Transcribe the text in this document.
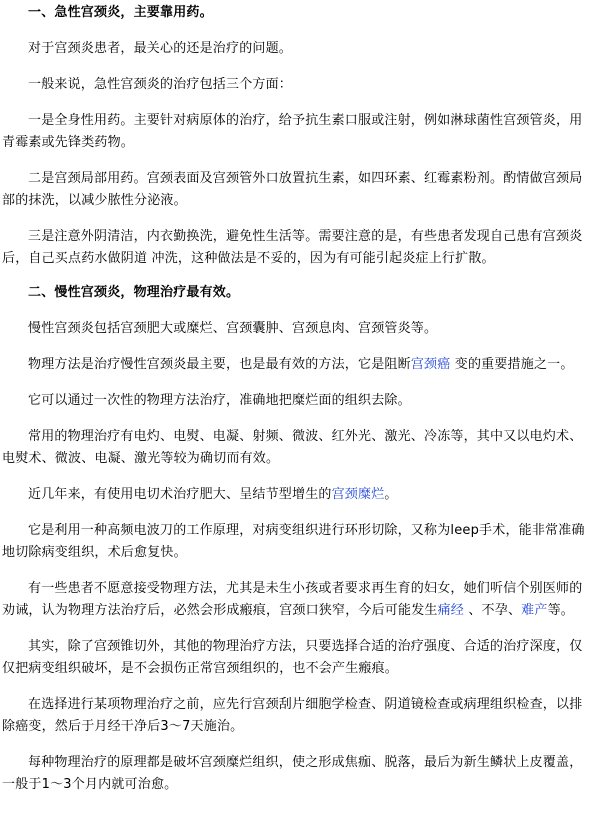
一、急性宫颈炎，主要靠用药。

对于宫颈炎患者，最关心的还是治疗的问题。

一般来说，急性宫颈炎的治疗包括三个方面：

一是全身性用药。主要针对病原体的治疗，给予抗生素口服或注射，例如淋球菌性宫颈管炎，用青霉素或先锋类药物。

二是宫颈局部用药。宫颈表面及宫颈管外口放置抗生素，如四环素、红霉素粉剂。酌情做宫颈局部的抹洗，以减少脓性分泌液。

三是注意外阴清洁，内衣勤换洗，避免性生活等。需要注意的是，有些患者发现自己患有宫颈炎后，自己买点药水做阴道 冲洗，这种做法是不妥的，因为有可能引起炎症上行扩散。

二、慢性宫颈炎，物理治疗最有效。

慢性宫颈炎包括宫颈肥大或糜烂、宫颈囊肿、宫颈息肉、宫颈管炎等。

物理方法是治疗慢性宫颈炎最主要，也是最有效的方法，它是阻断宫颈癌 变的重要措施之一。

它可以通过一次性的物理方法治疗，准确地把糜烂面的组织去除。

常用的物理治疗有电灼、电熨、电凝、射频、微波、红外光、激光、冷冻等，其中又以电灼术、电熨术、微波、电凝、激光等较为确切而有效。

近几年来，有使用电切术治疗肥大、呈结节型增生的宫颈糜烂。

它是利用一种高频电波刀的工作原理，对病变组织进行环形切除，又称为leep手术，能非常准确地切除病变组织，术后愈复快。

有一些患者不愿意接受物理方法，尤其是未生小孩或者要求再生育的妇女，她们听信个别医师的劝诫，认为物理方法治疗后，必然会形成瘢痕，宫颈口狭窄，今后可能发生痛经 、不孕、难产等。

其实，除了宫颈锥切外，其他的物理治疗方法，只要选择合适的治疗强度、合适的治疗深度，仅仅把病变组织破坏，是不会损伤正常宫颈组织的，也不会产生瘢痕。

在选择进行某项物理治疗之前，应先行宫颈刮片细胞学检查、阴道镜检查或病理组织检查，以排除癌变，然后于月经干净后3～7天施治。

每种物理治疗的原理都是破坏宫颈糜烂组织，使之形成焦痂、脱落，最后为新生鳞状上皮覆盖，一般于1～3个月内就可治愈。
